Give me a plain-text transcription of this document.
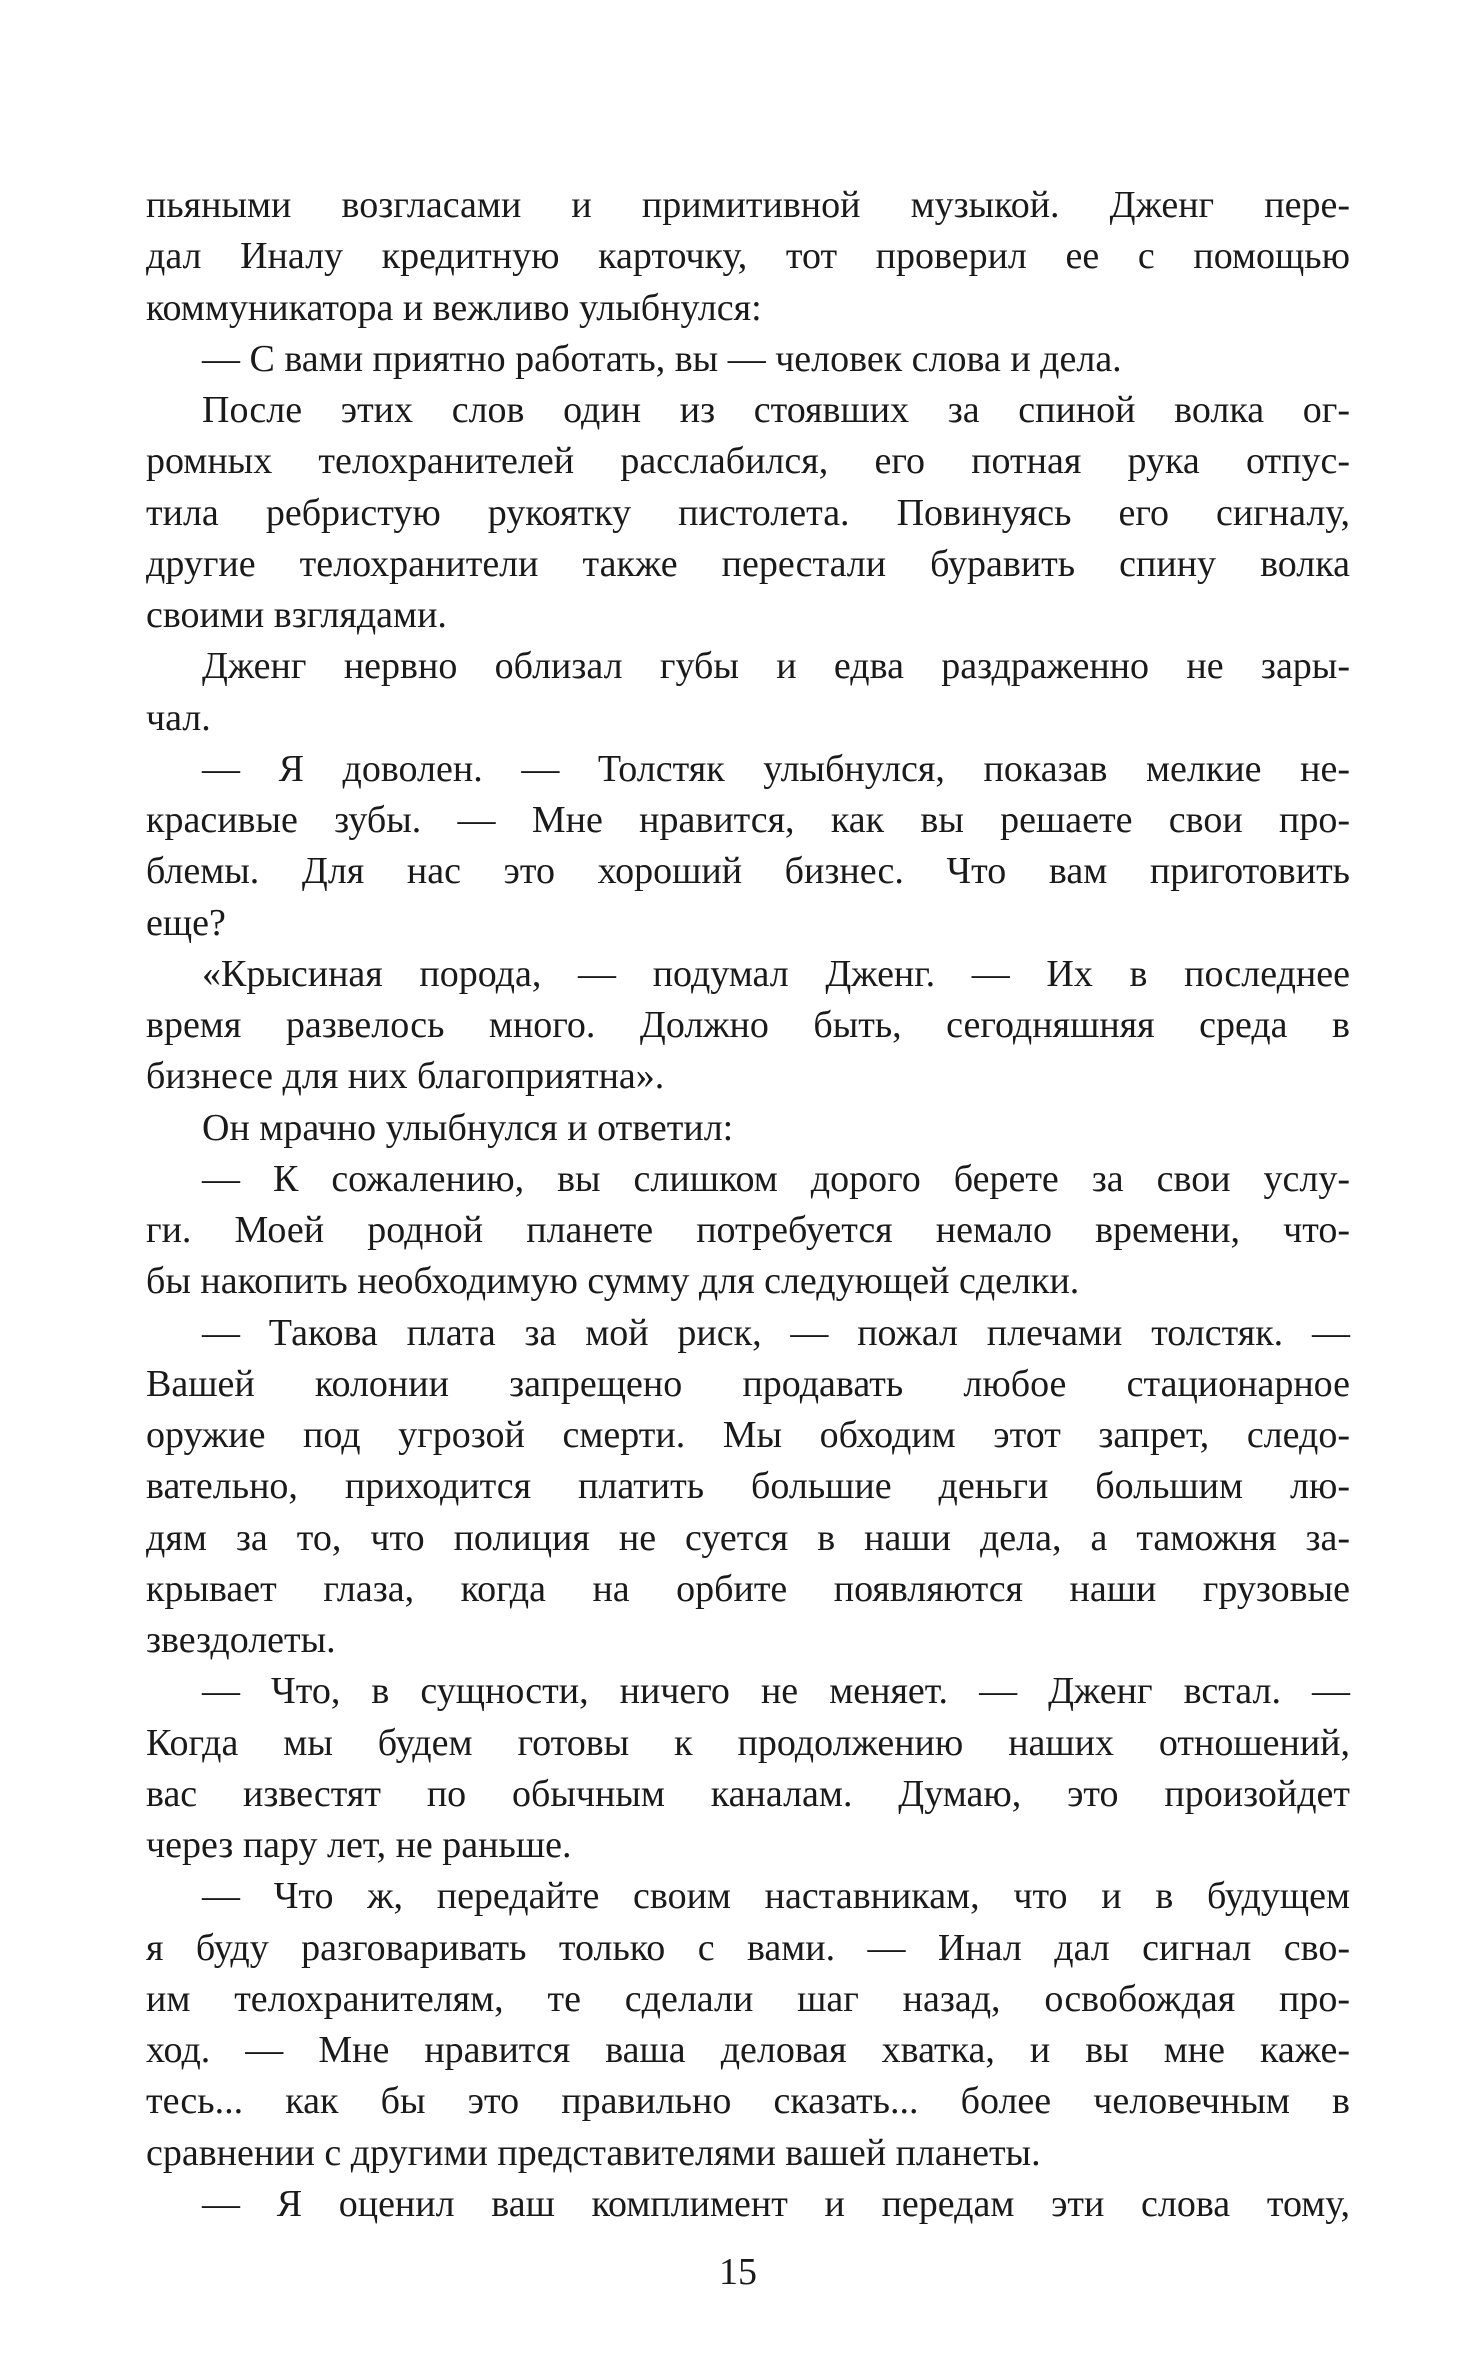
пьяными возгласами и примитивной музыкой. Дженг пере-
дал Иналу кредитную карточку, тот проверил ее с помощью
коммуникатора и вежливо улыбнулся:
— С вами приятно работать, вы — человек слова и дела.
После этих слов один из стоявших за спиной волка ог-
ромных телохранителей расслабился, его потная рука отпус-
тила ребристую рукоятку пистолета. Повинуясь его сигналу,
другие телохранители также перестали буравить спину волка
своими взглядами.
Дженг нервно облизал губы и едва раздраженно не зары-
чал.
— Я доволен. — Толстяк улыбнулся, показав мелкие не-
красивые зубы. — Мне нравится, как вы решаете свои про-
блемы. Для нас это хороший бизнес. Что вам приготовить
еще?
«Крысиная порода, — подумал Дженг. — Их в последнее
время развелось много. Должно быть, сегодняшняя среда в
бизнесе для них благоприятна».
Он мрачно улыбнулся и ответил:
— К сожалению, вы слишком дорого берете за свои услу-
ги. Моей родной планете потребуется немало времени, что-
бы накопить необходимую сумму для следующей сделки.
— Такова плата за мой риск, — пожал плечами толстяк. —
Вашей колонии запрещено продавать любое стационарное
оружие под угрозой смерти. Мы обходим этот запрет, следо-
вательно, приходится платить большие деньги большим лю-
дям за то, что полиция не суется в наши дела, а таможня за-
крывает глаза, когда на орбите появляются наши грузовые
звездолеты.
— Что, в сущности, ничего не меняет. — Дженг встал. —
Когда мы будем готовы к продолжению наших отношений,
вас известят по обычным каналам. Думаю, это произойдет
через пару лет, не раньше.
— Что ж, передайте своим наставникам, что и в будущем
я буду разговаривать только с вами. — Инал дал сигнал сво-
им телохранителям, те сделали шаг назад, освобождая про-
ход. — Мне нравится ваша деловая хватка, и вы мне каже-
тесь... как бы это правильно сказать... более человечным в
сравнении с другими представителями вашей планеты.
— Я оценил ваш комплимент и передам эти слова тому,
15
